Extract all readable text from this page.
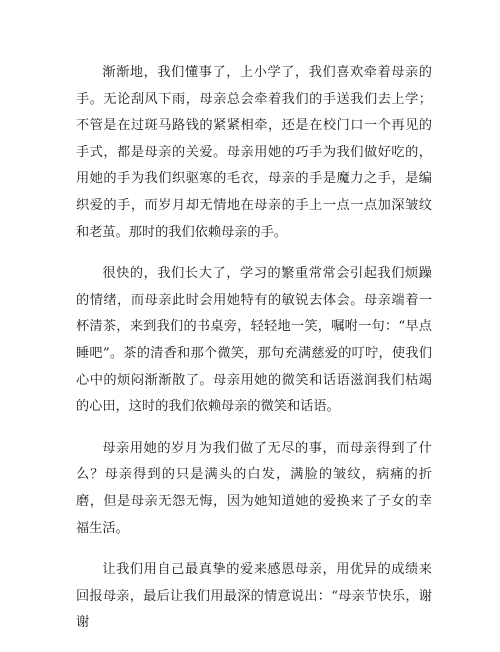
渐渐地，我们懂事了，上小学了，我们喜欢牵着母亲的手。无论刮风下雨，母亲总会牵着我们的手送我们去上学；不管是在过斑马路钱的紧紧相牵，还是在校门口一个再见的手式，都是母亲的关爱。母亲用她的巧手为我们做好吃的，用她的手为我们织驱寒的毛衣，母亲的手是魔力之手，是编织爱的手，而岁月却无情地在母亲的手上一点一点加深皱纹和老茧。那时的我们依赖母亲的手。

很快的，我们长大了，学习的繁重常常会引起我们烦躁的情绪，而母亲此时会用她特有的敏锐去体会。母亲端着一杯清茶，来到我们的书桌旁，轻轻地一笑，嘱咐一句：“早点睡吧”。茶的清香和那个微笑，那句充满慈爱的叮咛，使我们心中的烦闷渐渐散了。母亲用她的微笑和话语滋润我们枯竭的心田，这时的我们依赖母亲的微笑和话语。

母亲用她的岁月为我们做了无尽的事，而母亲得到了什么？母亲得到的只是满头的白发，满脸的皱纹，病痛的折磨，但是母亲无怨无悔，因为她知道她的爱换来了子女的幸福生活。

让我们用自己最真挚的爱来感恩母亲，用优异的成绩来回报母亲，最后让我们用最深的情意说出：“母亲节快乐，谢谢
